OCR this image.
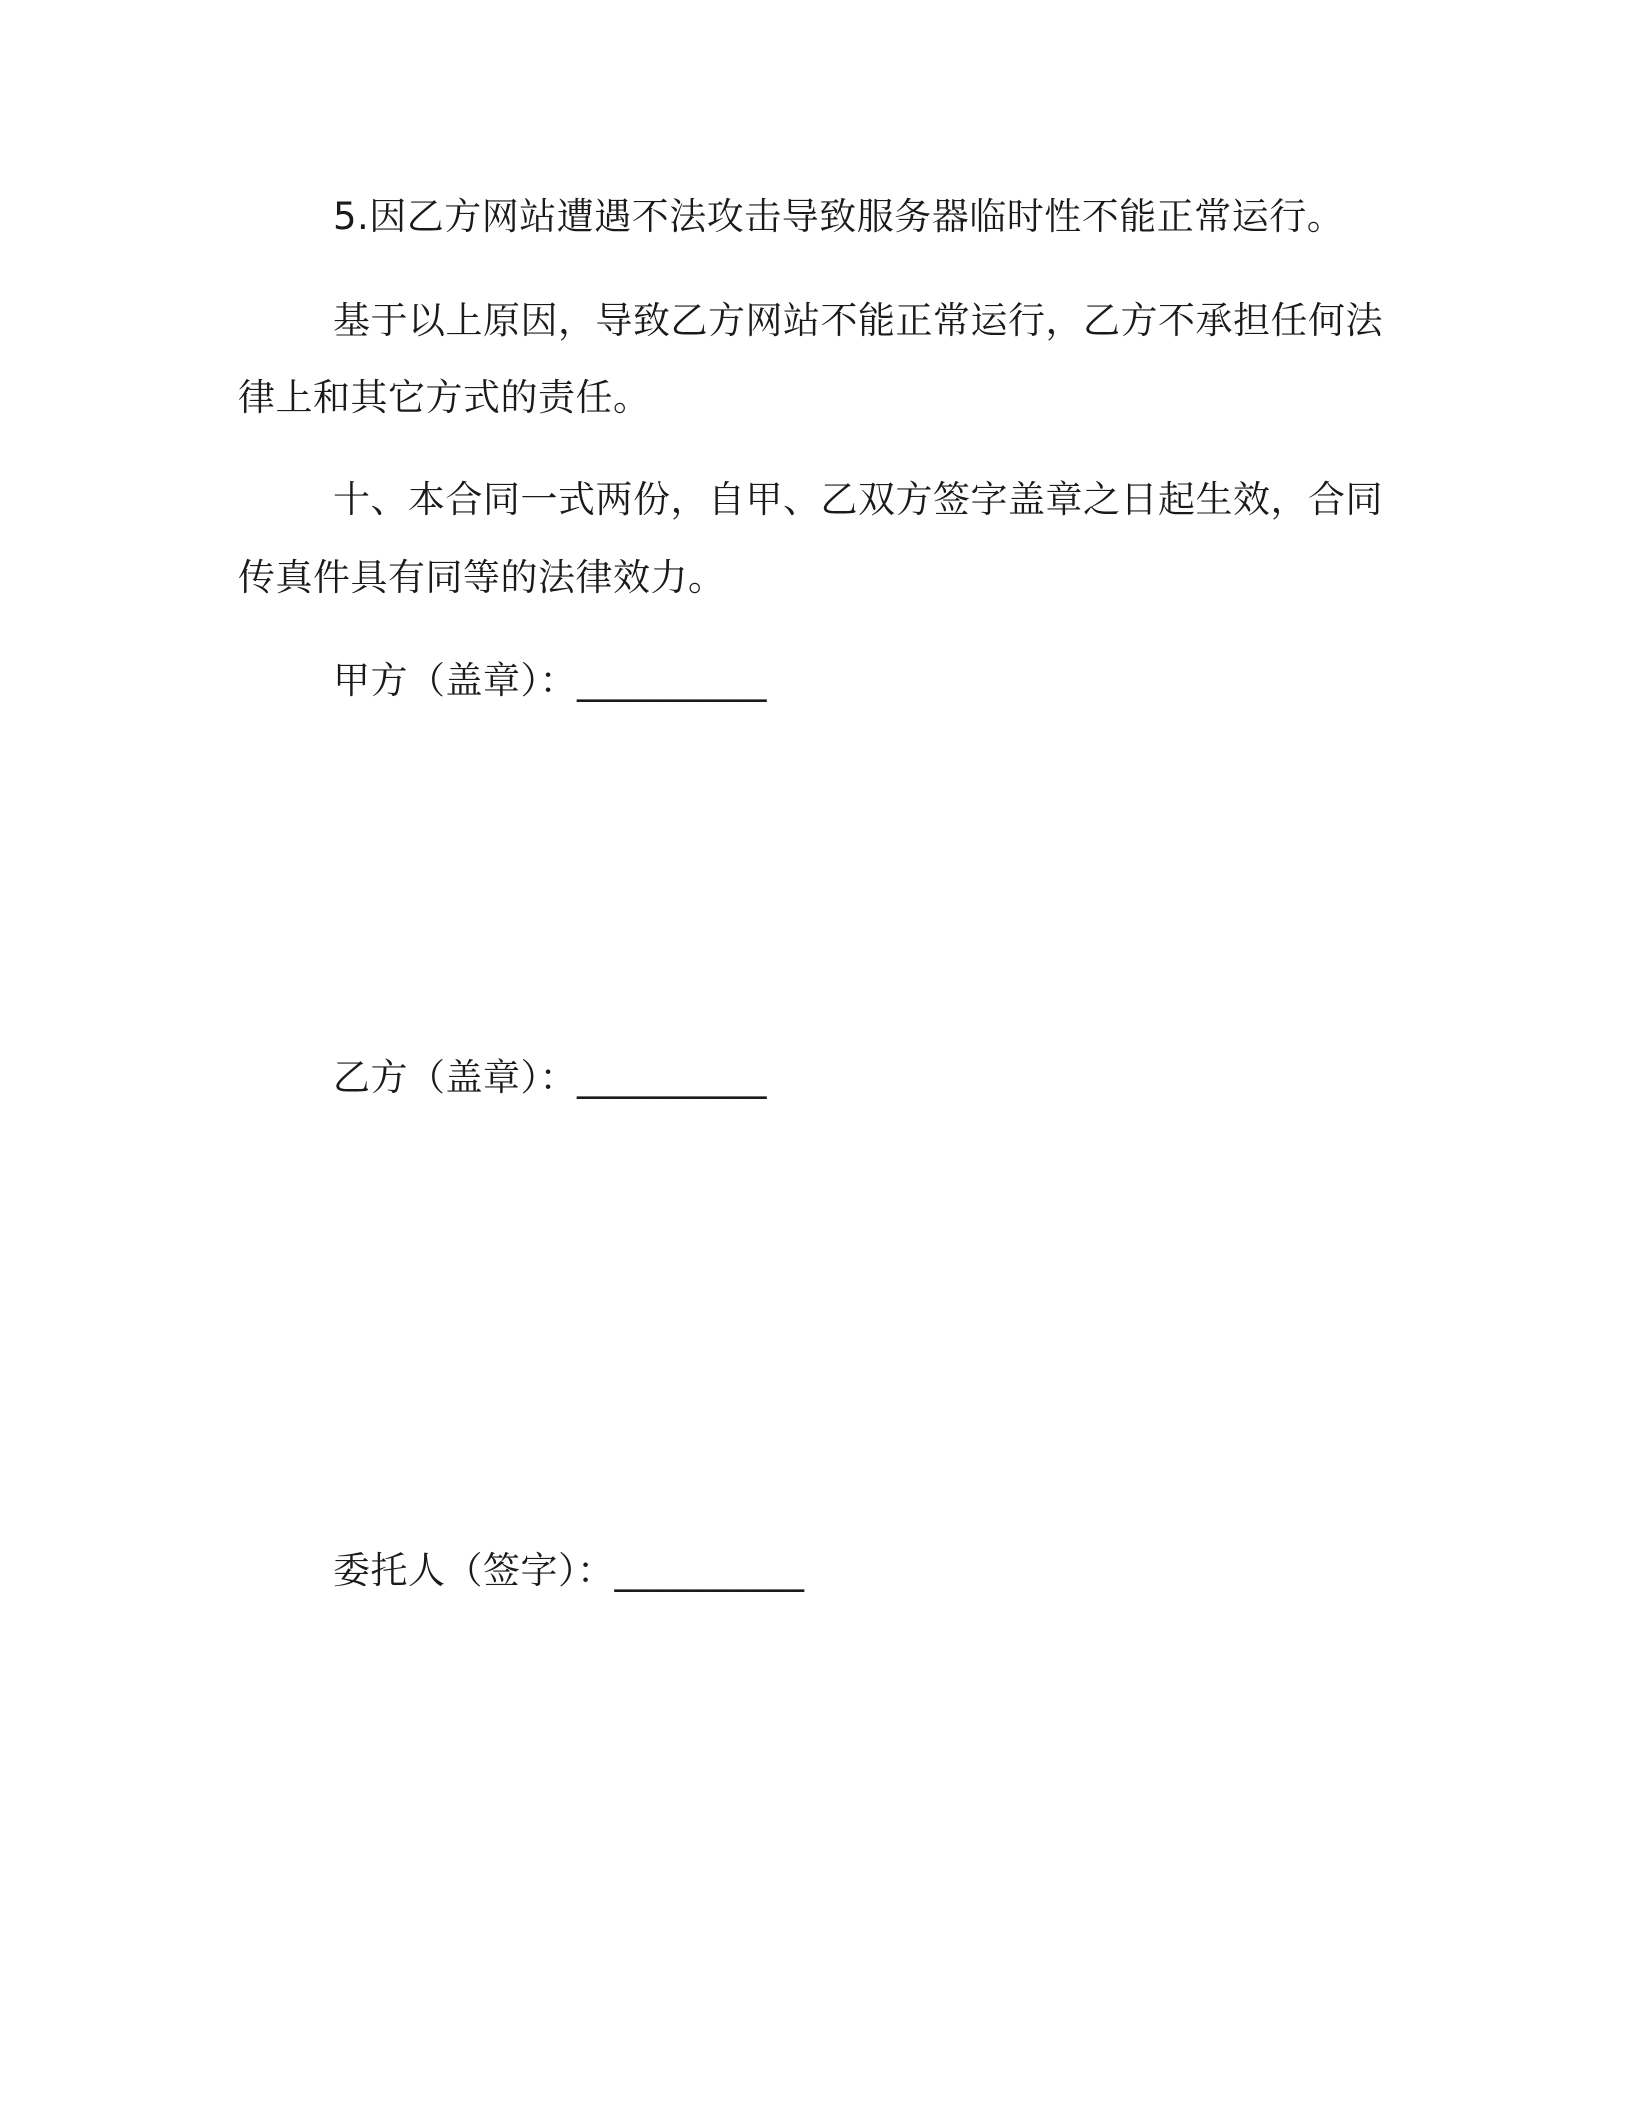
5.因乙方网站遭遇不法攻击导致服务器临时性不能正常运行。
基于以上原因，导致乙方网站不能正常运行，乙方不承担任何法
律上和其它方式的责任。
十、本合同一式两份，自甲、乙双方签字盖章之日起生效，合同
传真件具有同等的法律效力。
甲方（盖章）：__________
乙方（盖章）：__________
委托人（签字）：__________
